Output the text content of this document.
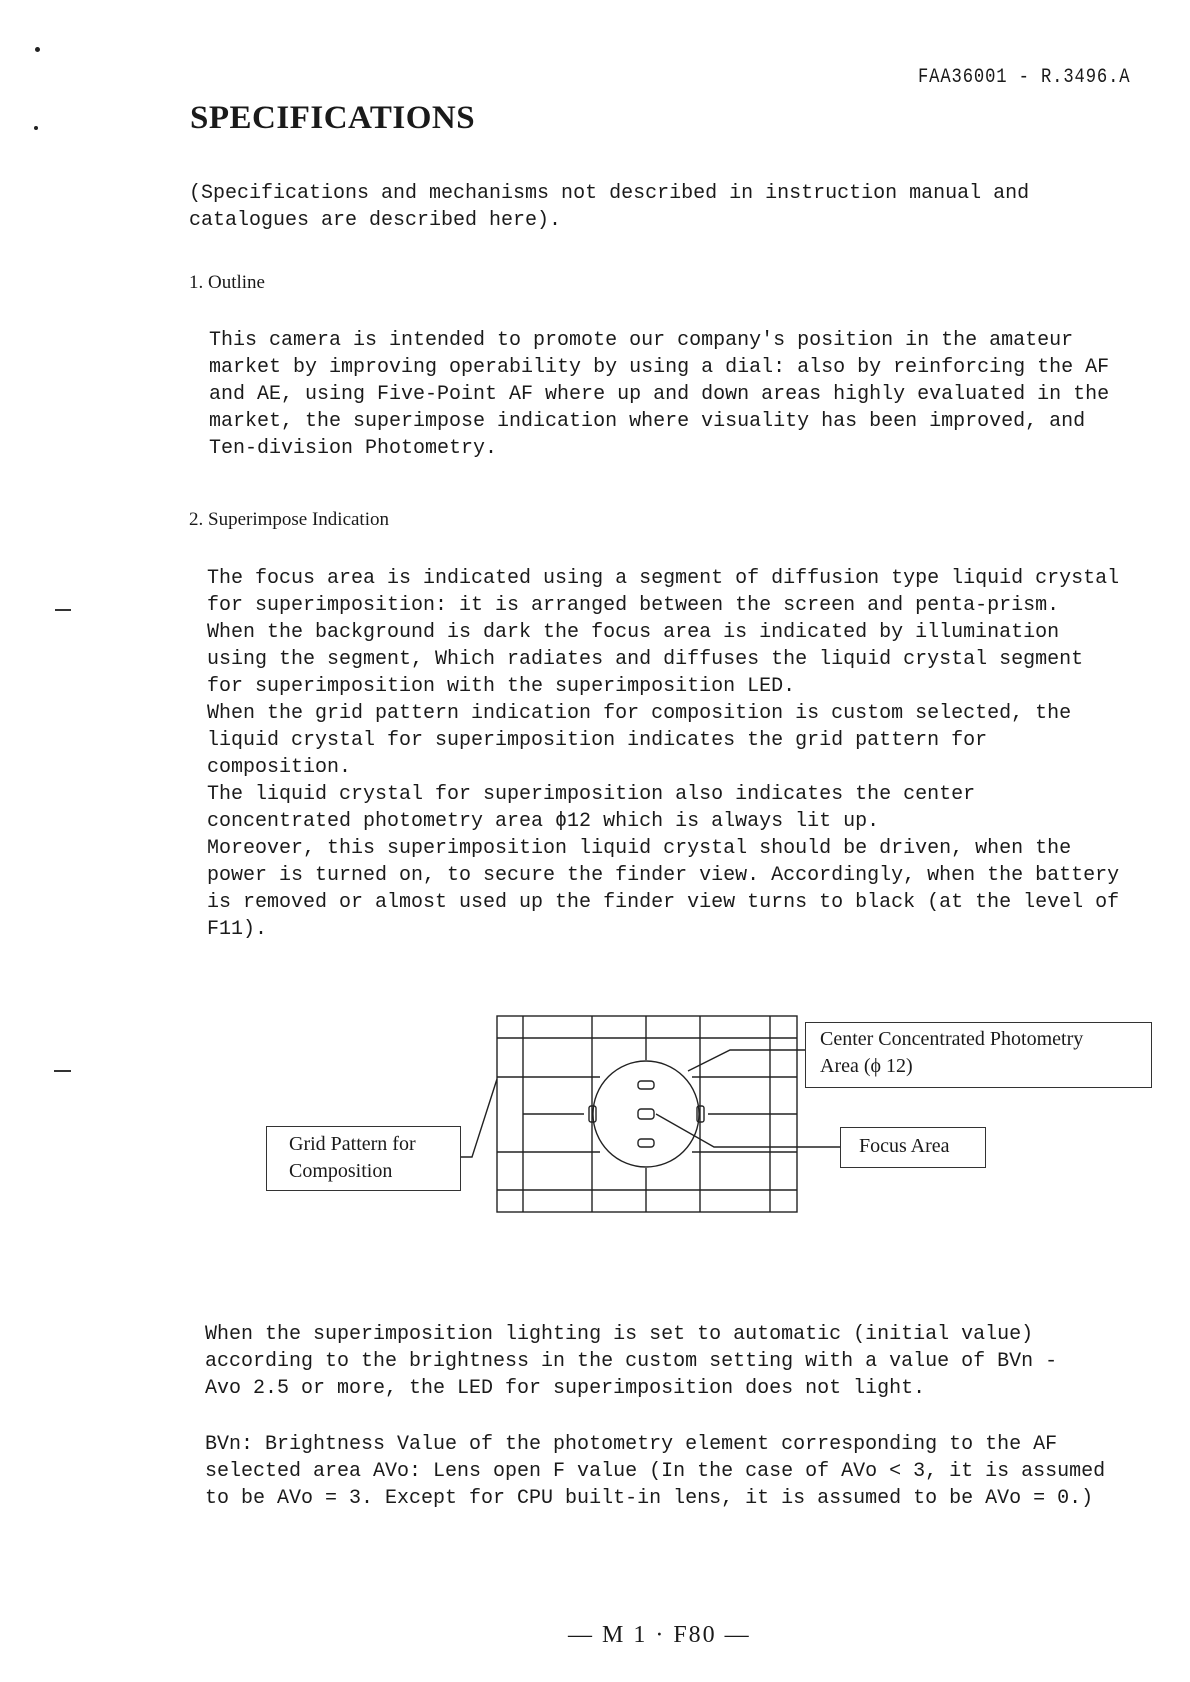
FAA36001 - R.3496.A
SPECIFICATIONS
(Specifications and mechanisms not described in instruction manual and catalogues are described here).
1. Outline
This camera is intended to promote our company's position in the amateur market by improving operability by using a dial: also by reinforcing the AF and AE, using Five-Point AF where up and down areas highly evaluated in the market, the superimpose indication where visuality has been improved, and Ten-division Photometry.
2. Superimpose Indication

The focus area is indicated using a segment of diffusion type liquid crystal for superimposition: it is arranged between the screen and penta-prism.

When the background is dark the focus area is indicated by illumination using the segment, Which radiates and diffuses the liquid crystal segment for superimposition with the superimposition LED.

When the grid pattern indication for composition is custom selected, the liquid crystal for superimposition indicates the grid pattern for composition.

The liquid crystal for superimposition also indicates the center concentrated photometry area ϕ12 which is always lit up.

Moreover, this superimposition liquid crystal should be driven, when the power is turned on, to secure the finder view. Accordingly, when the battery is removed or almost used up the finder view turns to black (at the level of F11).

Center Concentrated Photometry
Area (ϕ 12)
Focus Area
Grid Pattern for
Composition
When the superimposition lighting is set to automatic (initial value) according to the brightness in the custom setting with a value of BVn - Avo 2.5 or more, the LED for superimposition does not light.
BVn: Brightness Value of the photometry element corresponding to the AF selected area AVo: Lens open F value (In the case of AVo < 3, it is assumed to be AVo = 3. Except for CPU built-in lens, it is assumed to be AVo = 0.)
— M 1 · F80 —
